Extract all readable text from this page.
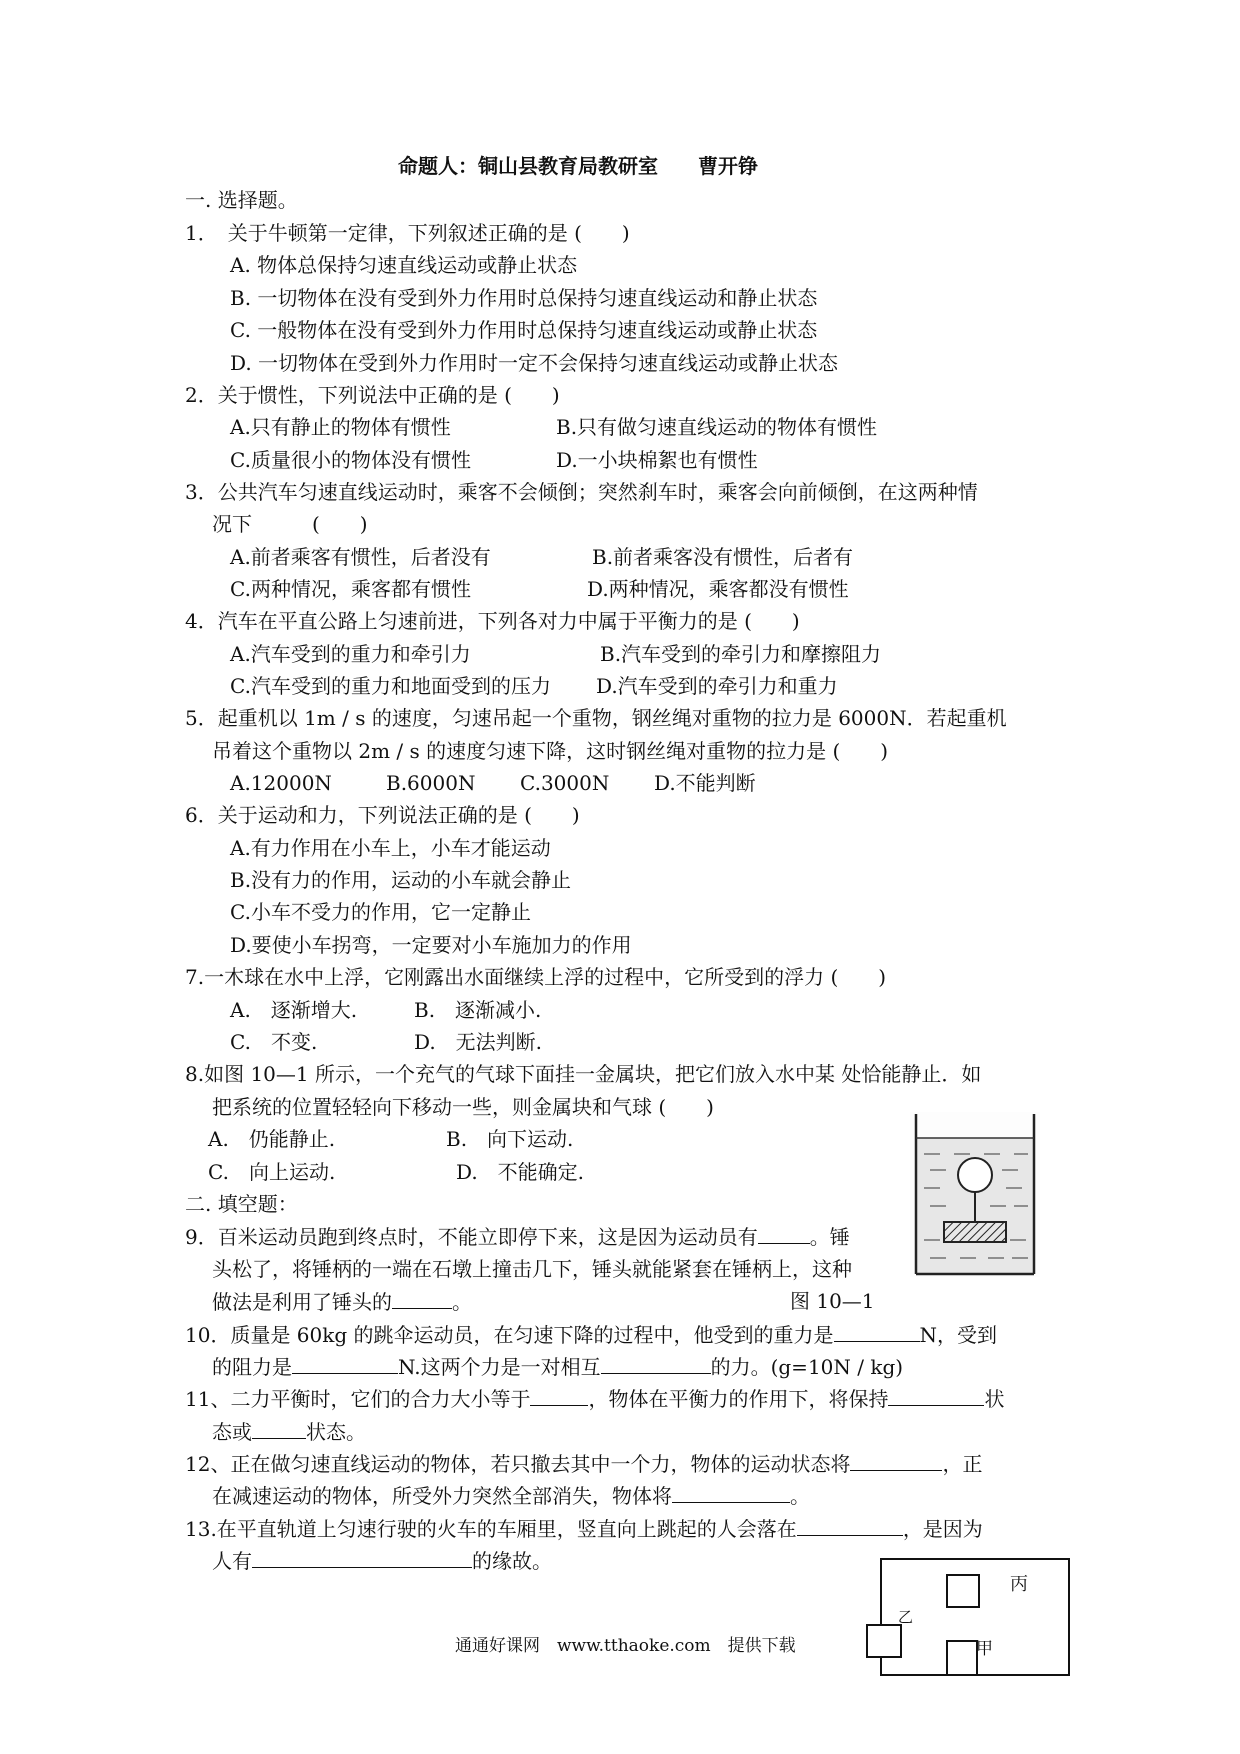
命题人：铜山县教育局教研室　　曹开铮
一. 选择题。
1．　关于牛顿第一定律，下列叙述正确的是 (　　)
A. 物体总保持匀速直线运动或静止状态
B. 一切物体在没有受到外力作用时总保持匀速直线运动和静止状态
C. 一般物体在没有受到外力作用时总保持匀速直线运动或静止状态
D. 一切物体在受到外力作用时一定不会保持匀速直线运动或静止状态
2．关于惯性，下列说法中正确的是 (　　)
A.只有静止的物体有惯性	B.只有做匀速直线运动的物体有惯性
C.质量很小的物体没有惯性	D.一小块棉絮也有惯性
3．公共汽车匀速直线运动时，乘客不会倾倒；突然刹车时，乘客会向前倾倒，在这两种情
况下　　　(　　)
A.前者乘客有惯性，后者没有	B.前者乘客没有惯性，后者有
C.两种情况，乘客都有惯性	D.两种情况，乘客都没有惯性
4．汽车在平直公路上匀速前进，下列各对力中属于平衡力的是 (　　)
A.汽车受到的重力和牵引力	B.汽车受到的牵引力和摩擦阻力
C.汽车受到的重力和地面受到的压力 D.汽车受到的牵引力和重力
5．起重机以 1m / s 的速度，匀速吊起一个重物，钢丝绳对重物的拉力是 6000N．若起重机
吊着这个重物以 2m / s 的速度匀速下降，这时钢丝绳对重物的拉力是 (　　)
A.12000N	B.6000N C.3000N D.不能判断
6．关于运动和力，下列说法正确的是 (　　)
A.有力作用在小车上，小车才能运动
B.没有力的作用，运动的小车就会静止
C.小车不受力的作用，它一定静止
D.要使小车拐弯，一定要对小车施加力的作用
7.一木球在水中上浮，它刚露出水面继续上浮的过程中，它所受到的浮力 (　　)
A.　逐渐增大.	B.　逐渐减小.
C.　不变.	D.　无法判断.
8.如图 10—1 所示，一个充气的气球下面挂一金属块，把它们放入水中某 处恰能静止．如
把系统的位置轻轻向下移动一些，则金属块和气球 (　　)
A.　仍能静止.	B.　向下运动.
C.　向上运动.	D.　不能确定.
二. 填空题：
9．百米运动员跑到终点时，不能立即停下来，这是因为运动员有	。锤
头松了，将锤柄的一端在石墩上撞击几下，锤头就能紧套在锤柄上，这种
做法是利用了锤头的	。	图 10—1
10．质量是 60kg 的跳伞运动员，在匀速下降的过程中，他受到的重力是	N，受到
的阻力是	N.这两个力是一对相互	的力。(g=10N / kg)
11、二力平衡时，它们的合力大小等于	，物体在平衡力的作用下，将保持	状
态或	状态。
12、正在做匀速直线运动的物体，若只撤去其中一个力，物体的运动状态将	，正
在减速运动的物体，所受外力突然全部消失，物体将	。
13.在平直轨道上匀速行驶的火车的车厢里，竖直向上跳起的人会落在	，是因为
人有	的缘故。
丙
乙
甲
通通好课网　www.tthaoke.com　提供下载
